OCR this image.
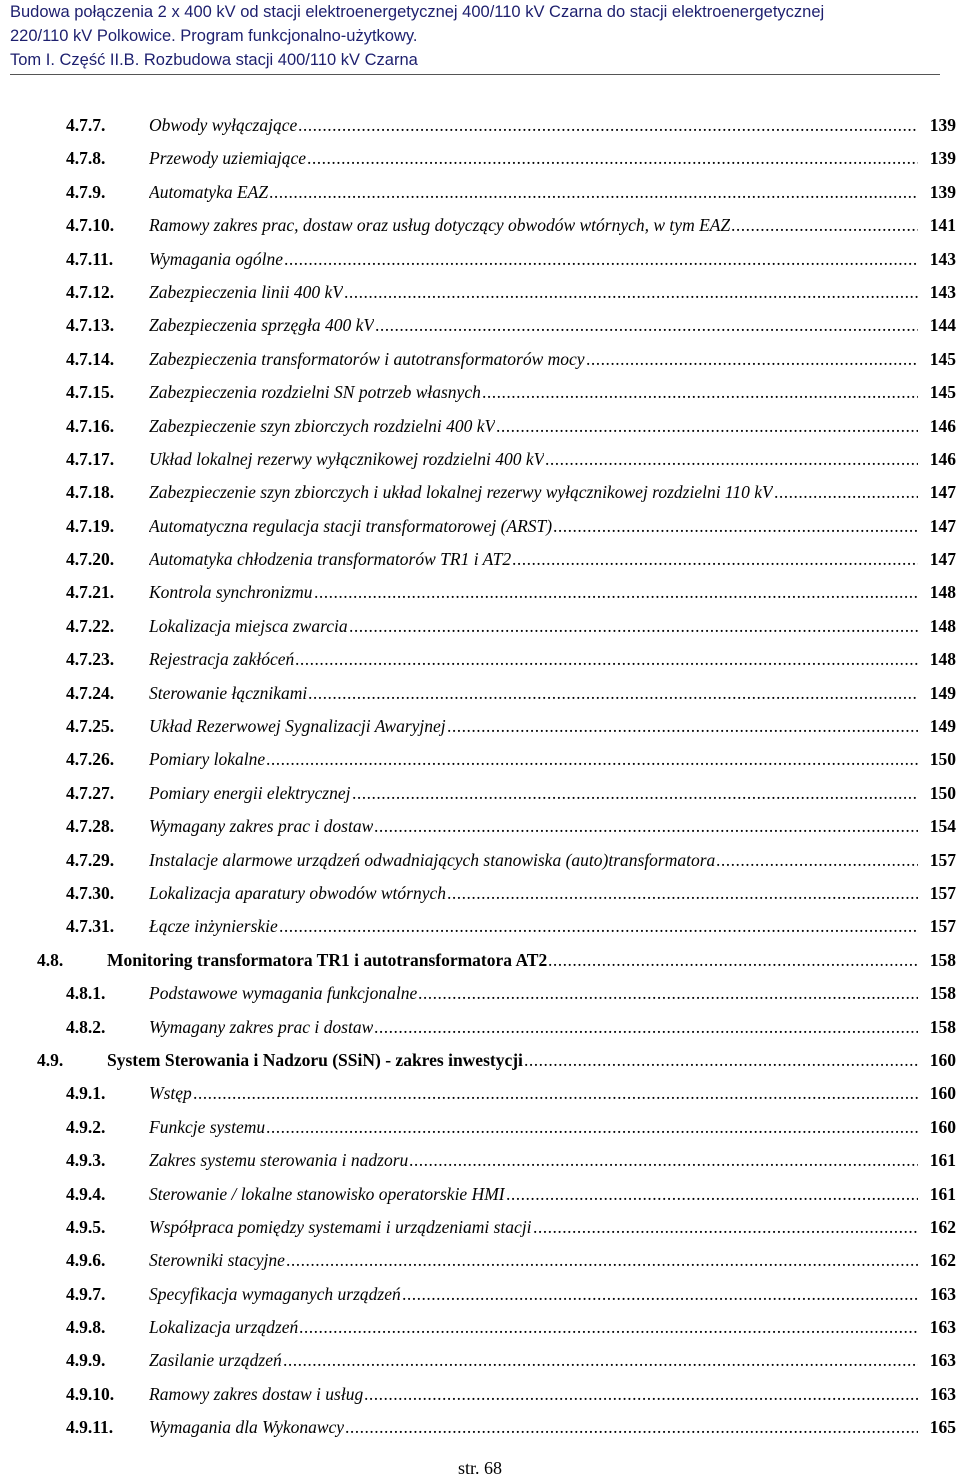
Budowa połączenia 2 x 400 kV od stacji elektroenergetycznej 400/110 kV Czarna do stacji elektroenergetycznej
220/110 kV Polkowice. Program funkcjonalno-użytkowy.
Tom I. Część II.B. Rozbudowa stacji 400/110 kV Czarna
4.7.7. Obwody wyłączające .....	139
4.7.8. Przewody uziemiające .....	139
4.7.9. Automatyka EAZ .....	139
4.7.10. Ramowy zakres prac, dostaw oraz usług dotyczący obwodów wtórnych, w tym EAZ .....	141
4.7.11. Wymagania ogólne .....	143
4.7.12. Zabezpieczenia linii 400 kV .....	143
4.7.13. Zabezpieczenia sprzęgła 400 kV .....	144
4.7.14. Zabezpieczenia transformatorów i autotransformatorów mocy .....	145
4.7.15. Zabezpieczenia rozdzielni SN potrzeb własnych .....	145
4.7.16. Zabezpieczenie szyn zbiorczych rozdzielni 400 kV .....	146
4.7.17. Układ lokalnej rezerwy wyłącznikowej rozdzielni 400 kV .....	146
4.7.18. Zabezpieczenie szyn zbiorczych i układ lokalnej rezerwy wyłącznikowej rozdzielni 110 kV .....	147
4.7.19. Automatyczna regulacja stacji transformatorowej (ARST) .....	147
4.7.20. Automatyka chłodzenia transformatorów TR1 i AT2 .....	147
4.7.21. Kontrola synchronizmu .....	148
4.7.22. Lokalizacja miejsca zwarcia .....	148
4.7.23. Rejestracja zakłóceń .....	148
4.7.24. Sterowanie łącznikami .....	149
4.7.25. Układ Rezerwowej Sygnalizacji Awaryjnej .....	149
4.7.26. Pomiary lokalne .....	150
4.7.27. Pomiary energii elektrycznej .....	150
4.7.28. Wymagany zakres prac i dostaw .....	154
4.7.29. Instalacje alarmowe urządzeń odwadniających stanowiska (auto)transformatora .....	157
4.7.30. Lokalizacja aparatury obwodów wtórnych .....	157
4.7.31. Łącze inżynierskie .....	157
4.8.	Monitoring transformatora TR1 i autotransformatora AT2 .....	158
4.8.1. Podstawowe wymagania funkcjonalne .....	158
4.8.2. Wymagany zakres prac i dostaw .....	158
4.9.	System Sterowania i Nadzoru (SSiN) - zakres inwestycji .....	160
4.9.1. Wstęp .....	160
4.9.2. Funkcje systemu .....	160
4.9.3. Zakres systemu sterowania i nadzoru .....	161
4.9.4. Sterowanie / lokalne stanowisko operatorskie HMI .....	161
4.9.5. Współpraca pomiędzy systemami i urządzeniami stacji .....	162
4.9.6. Sterowniki stacyjne .....	162
4.9.7. Specyfikacja wymaganych urządzeń .....	163
4.9.8. Lokalizacja urządzeń .....	163
4.9.9. Zasilanie urządzeń .....	163
4.9.10. Ramowy zakres dostaw i usług .....	163
4.9.11. Wymagania dla Wykonawcy .....	165
str. 68
